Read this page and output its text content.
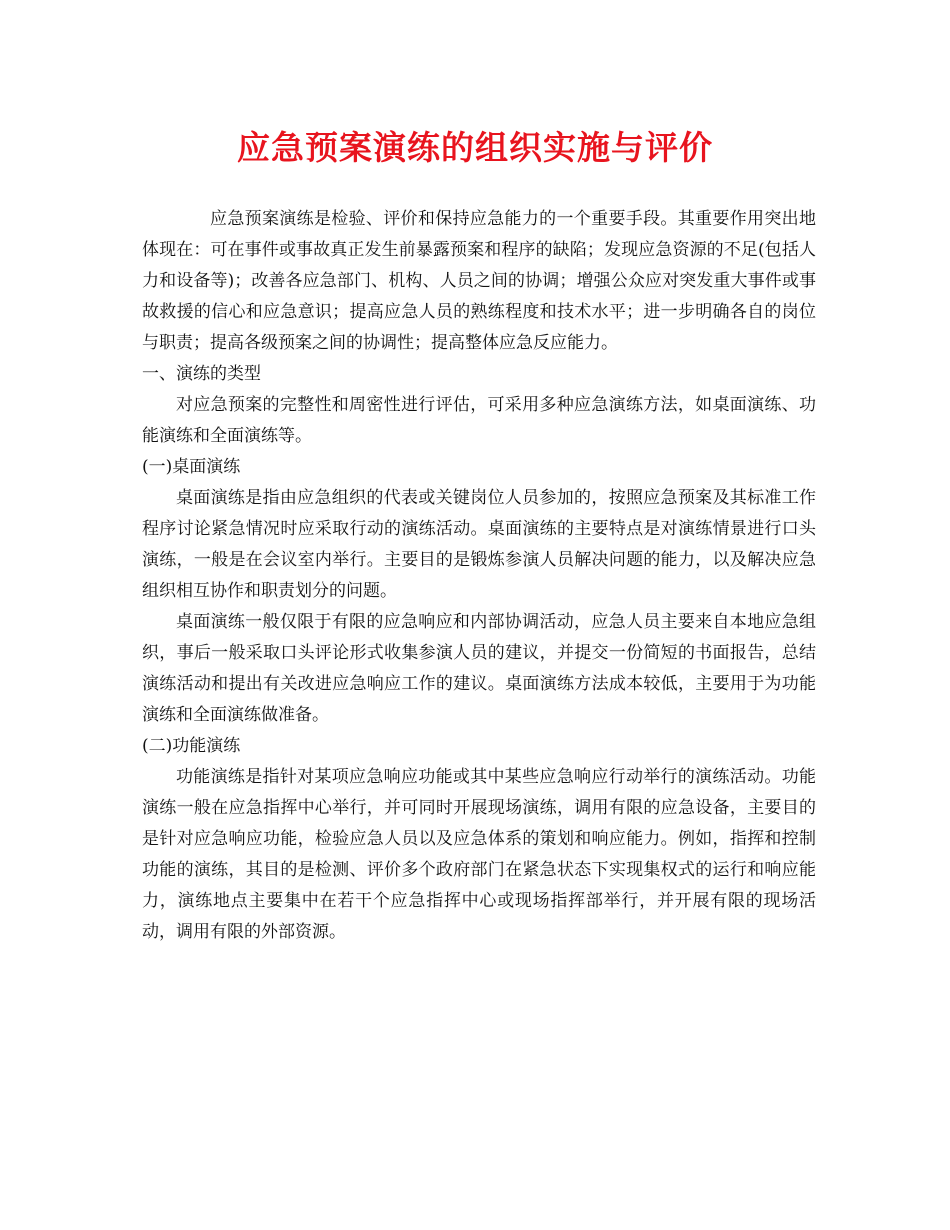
应急预案演练的组织实施与评价

应急预案演练是检验、评价和保持应急能力的一个重要手段。其重要作用突出地体现在：可在事件或事故真正发生前暴露预案和程序的缺陷；发现应急资源的不足(包括人力和设备等)；改善各应急部门、机构、人员之间的协调；增强公众应对突发重大事件或事故救援的信心和应急意识；提高应急人员的熟练程度和技术水平；进一步明确各自的岗位与职责；提高各级预案之间的协调性；提高整体应急反应能力。

一、演练的类型

对应急预案的完整性和周密性进行评估，可采用多种应急演练方法，如桌面演练、功能演练和全面演练等。

(一)桌面演练

桌面演练是指由应急组织的代表或关键岗位人员参加的，按照应急预案及其标准工作程序讨论紧急情况时应采取行动的演练活动。桌面演练的主要特点是对演练情景进行口头演练，一般是在会议室内举行。主要目的是锻炼参演人员解决问题的能力，以及解决应急组织相互协作和职责划分的问题。

桌面演练一般仅限于有限的应急响应和内部协调活动，应急人员主要来自本地应急组织，事后一般采取口头评论形式收集参演人员的建议，并提交一份简短的书面报告，总结演练活动和提出有关改进应急响应工作的建议。桌面演练方法成本较低，主要用于为功能演练和全面演练做准备。

(二)功能演练

功能演练是指针对某项应急响应功能或其中某些应急响应行动举行的演练活动。功能演练一般在应急指挥中心举行，并可同时开展现场演练，调用有限的应急设备，主要目的是针对应急响应功能，检验应急人员以及应急体系的策划和响应能力。例如，指挥和控制功能的演练，其目的是检测、评价多个政府部门在紧急状态下实现集权式的运行和响应能力，演练地点主要集中在若干个应急指挥中心或现场指挥部举行，并开展有限的现场活动，调用有限的外部资源。
